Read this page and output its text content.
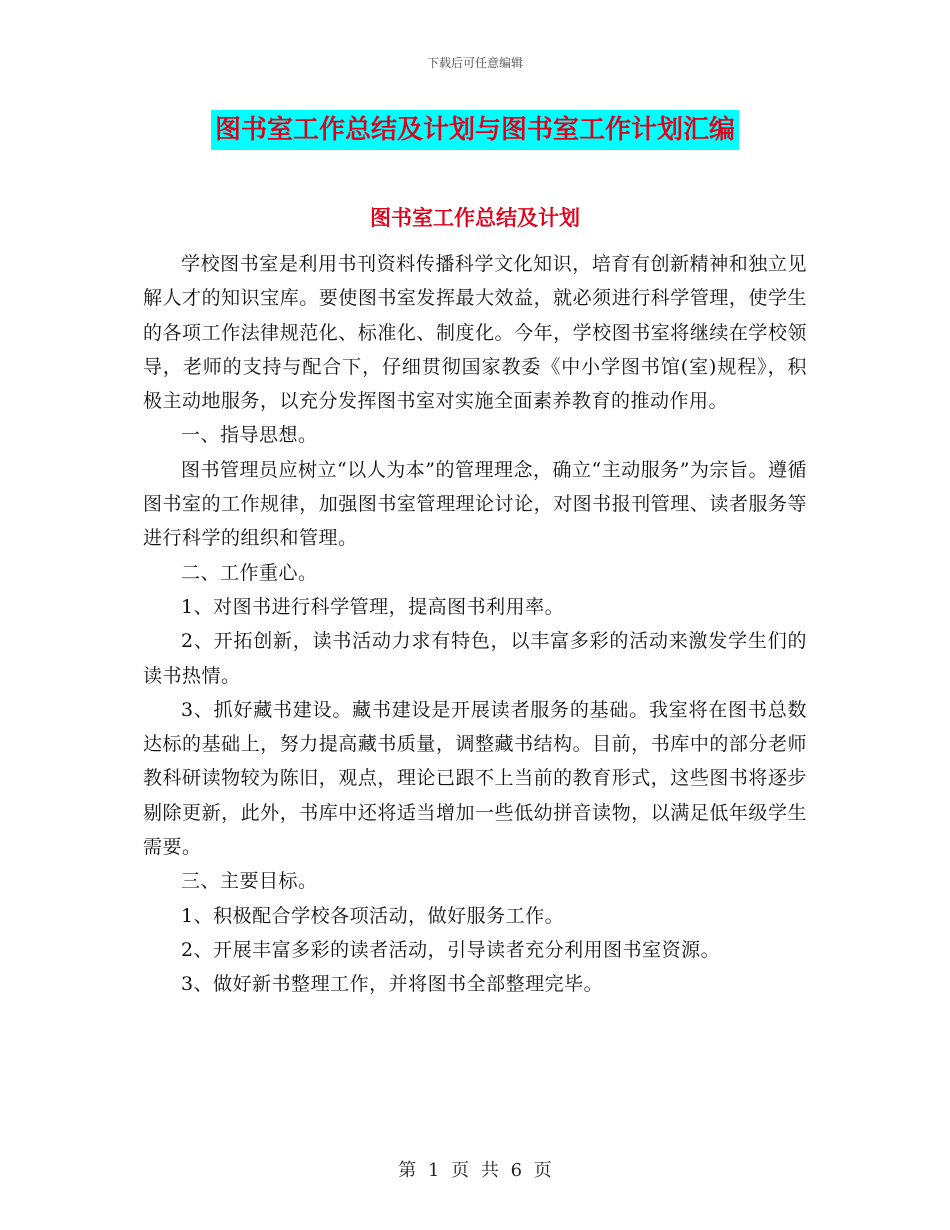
下载后可任意编辑
图书室工作总结及计划与图书室工作计划汇编
图书室工作总结及计划

学校图书室是利用书刊资料传播科学文化知识，培育有创新精神和独立见解人才的知识宝库。要使图书室发挥最大效益，就必须进行科学管理，使学生的各项工作法律规范化、标准化、制度化。今年，学校图书室将继续在学校领导，老师的支持与配合下，仔细贯彻国家教委《中小学图书馆(室)规程》，积极主动地服务，以充分发挥图书室对实施全面素养教育的推动作用。

一、指导思想。

图书管理员应树立“以人为本”的管理理念，确立“主动服务”为宗旨。遵循图书室的工作规律，加强图书室管理理论讨论，对图书报刊管理、读者服务等进行科学的组织和管理。

二、工作重心。

1、对图书进行科学管理，提高图书利用率。

2、开拓创新，读书活动力求有特色，以丰富多彩的活动来激发学生们的读书热情。

3、抓好藏书建设。藏书建设是开展读者服务的基础。我室将在图书总数达标的基础上，努力提高藏书质量，调整藏书结构。目前，书库中的部分老师教科研读物较为陈旧，观点，理论已跟不上当前的教育形式，这些图书将逐步剔除更新，此外，书库中还将适当增加一些低幼拼音读物，以满足低年级学生需要。

三、主要目标。

1、积极配合学校各项活动，做好服务工作。

2、开展丰富多彩的读者活动，引导读者充分利用图书室资源。

3、做好新书整理工作，并将图书全部整理完毕。

第 1 页 共 6 页
